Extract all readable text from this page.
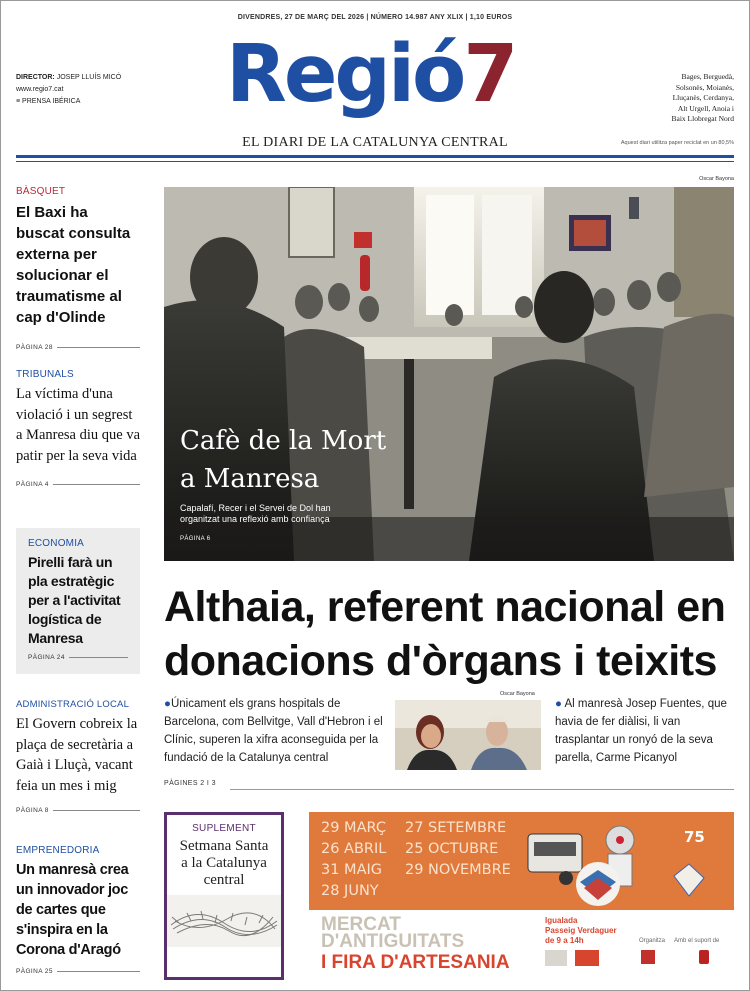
DIVENDRES, 27 DE MARÇ DEL 2026 | NÚMERO 14.987 ANY XLIX | 1,10 EUROS
DIRECTOR: JOSEP LLUÍS MICÓ
www.regio7.cat
≡ PRENSA IBÉRICA	Regió7	Bages, Berguedà,
Solsonès, Moianès,
Lluçanès, Cerdanya,
Alt Urgell, Anoia i
Baix Llobregat Nord
EL DIARI DE LA CATALUNYA CENTRAL	Aquest diari utilitza paper reciclat en un 80,5%
BÀSQUET
El Baxi ha buscat consulta externa per solucionar el traumatisme al cap d'Olinde
PÀGINA 28
TRIBUNALS
La víctima d'una violació i un segrest a Manresa diu que va patir per la seva vida
PÀGINA 4
ECONOMIA
Pirelli farà un pla estratègic per a l'activitat logística de Manresa
PÀGINA 24
ADMINISTRACIÓ LOCAL
El Govern cobreix la plaça de secretària a Gaià i Lluçà, vacant feia un mes i mig
PÀGINA 8
EMPRENEDORIA
Un manresà crea un innovador joc de cartes que s'inspira en la Corona d'Aragó
PÀGINA 25
Oscar Bayona
Cafè de la Mort
a Manresa
Capalafí, Recer i el Servei de Dol han
organitzat una reflexió amb confiança
PÀGINA 6
Althaia, referent nacional en
donacions d'òrgans i teixits
●Únicament els grans hospitals de Barcelona, com Bellvitge, Vall d'Hebron i el Clínic, superen la xifra aconseguida per la fundació de la Catalunya central
Oscar Bayona
● Al manresà Josep Fuentes, que havia de fer diàlisi, li van trasplantar un ronyó de la seva parella, Carme Picanyol
PÀGINES 2 I 3
SUPLEMENT
Setmana Santa a la Catalunya central
29 MARÇ
26 ABRIL
31 MAIG
28 JUNY
27 SETEMBRE
25 OCTUBRE
29 NOVEMBRE
75
MERCAT
D'ANTIGUITATS
I FIRA D'ARTESANIA
Igualada
Passeig Verdaguer
de 9 a 14h	Organitza Amb el suport de
